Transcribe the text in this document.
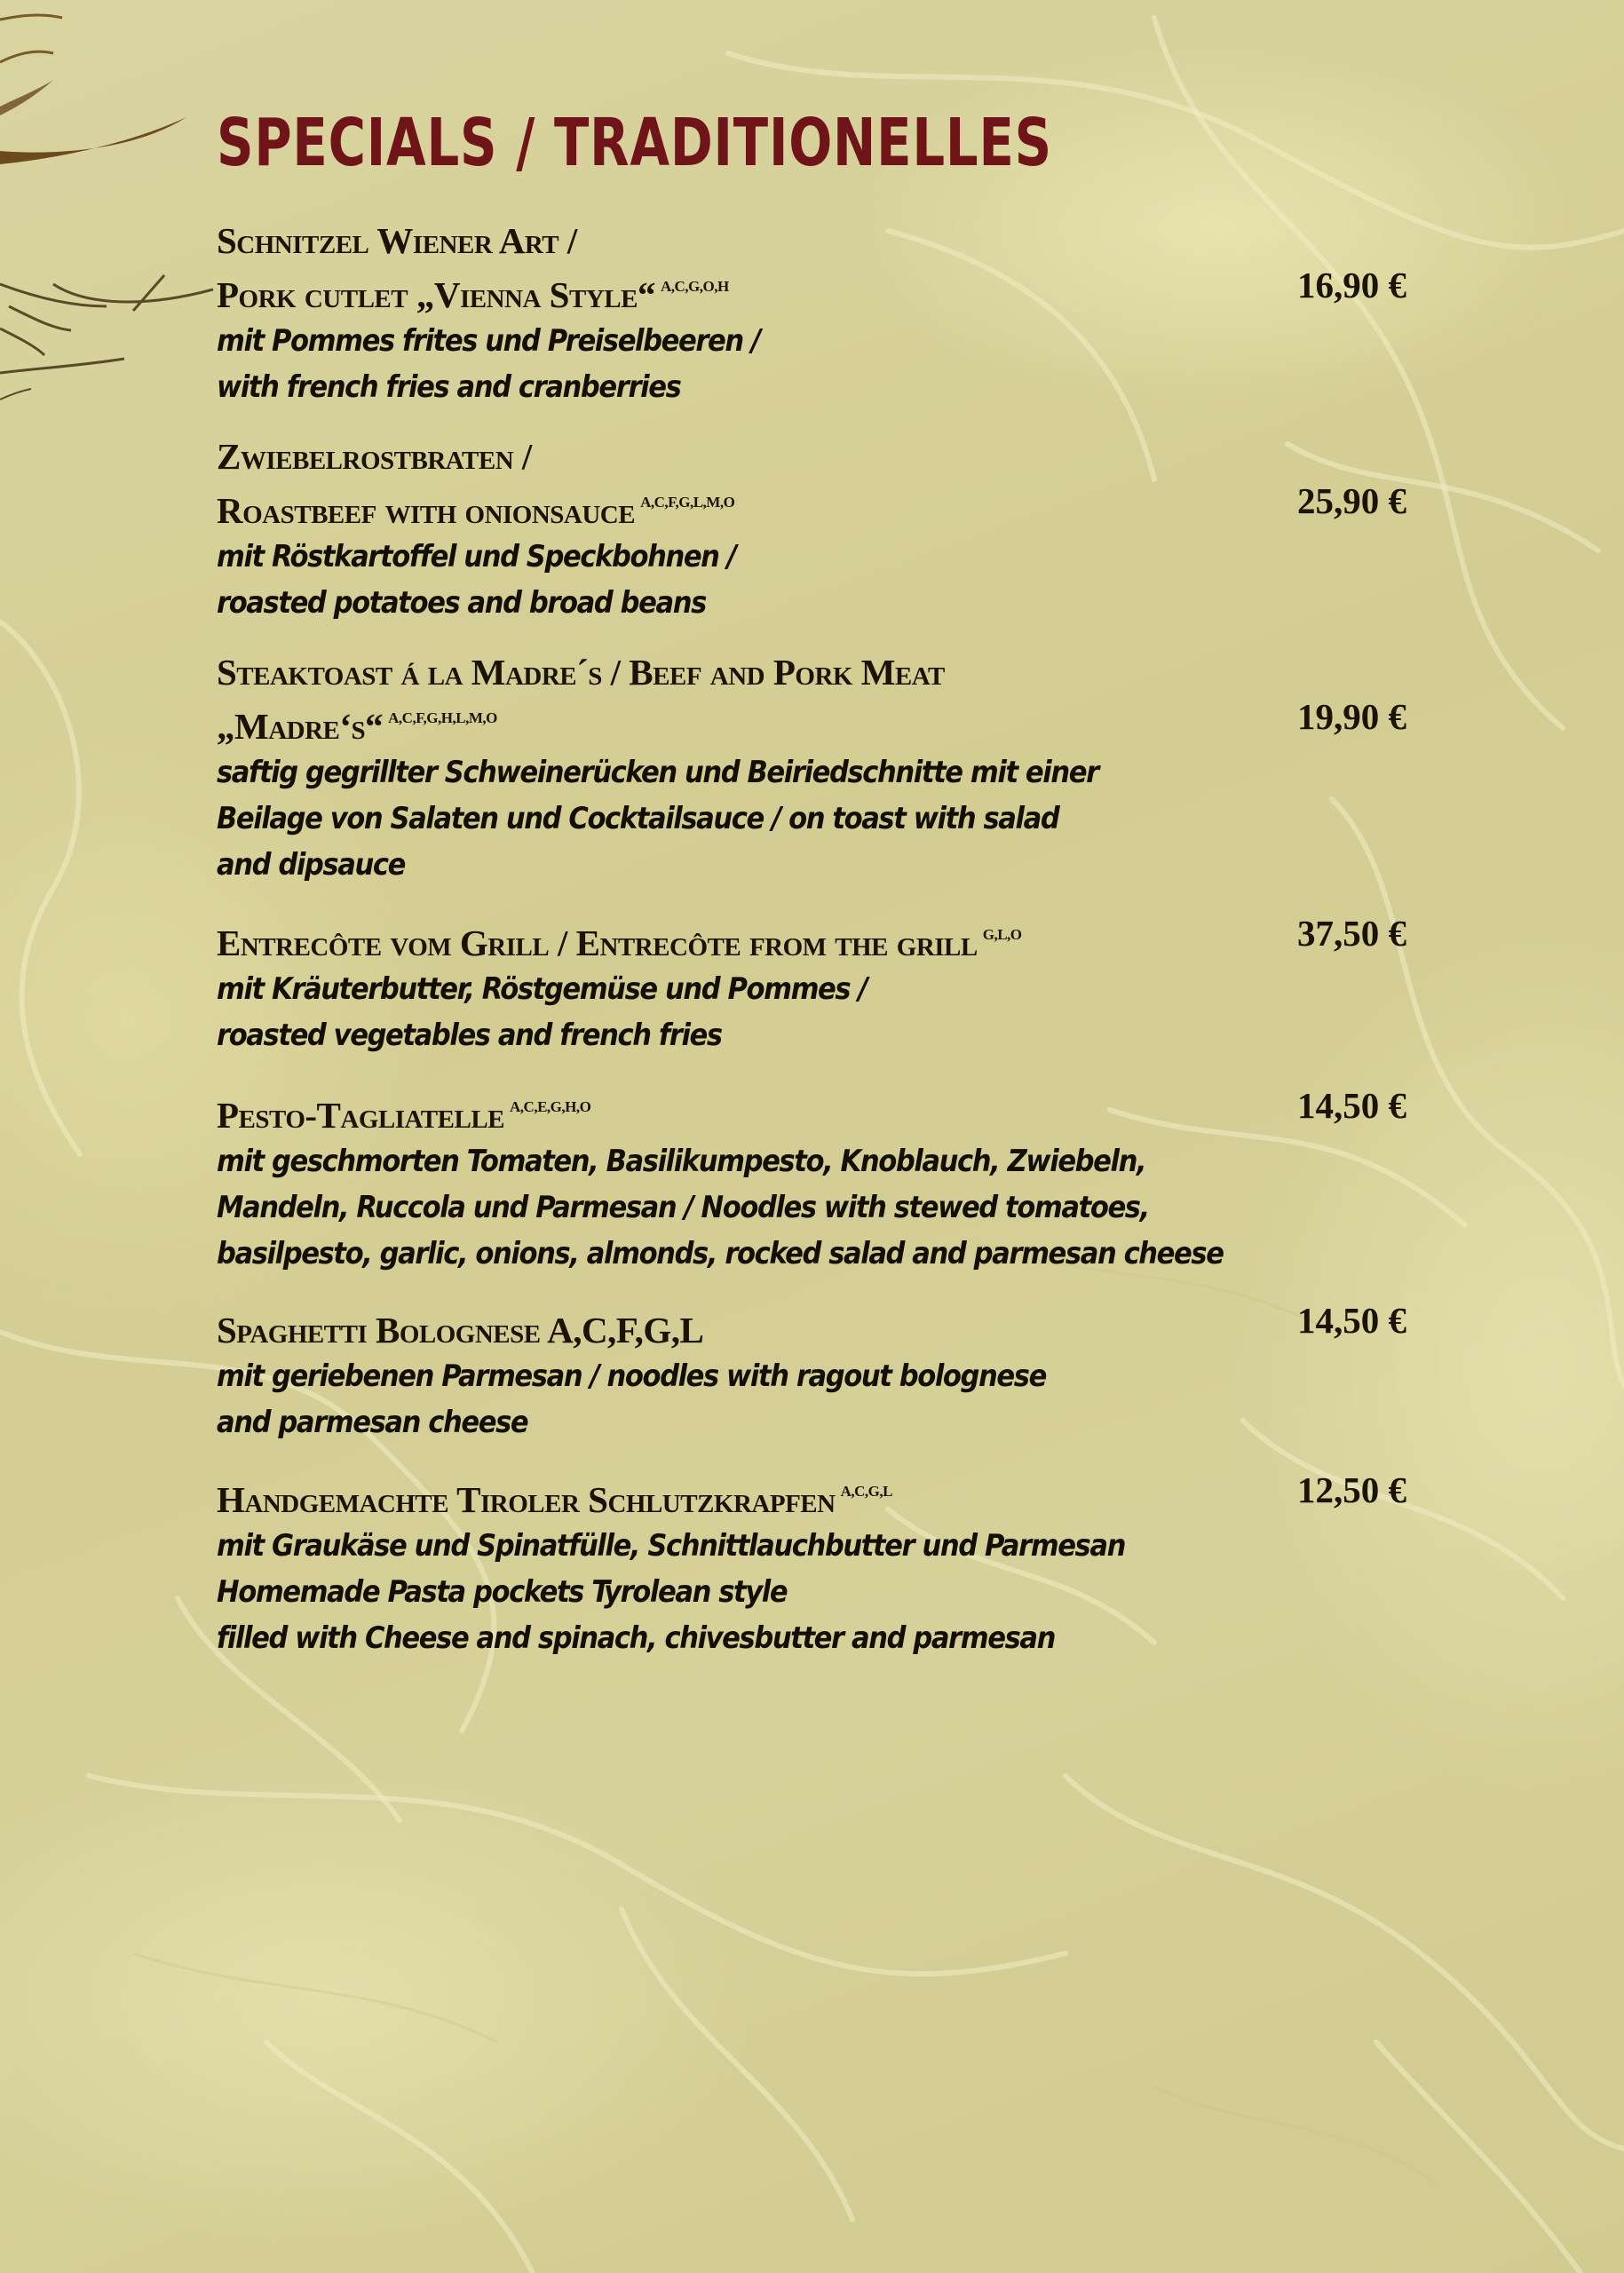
SPECIALS / TRADITIONELLES
Schnitzel Wiener Art /
Pork cutlet „Vienna Style“ $^{A,C,G,O,H}$
mit Pommes frites und Preiselbeeren /
with french fries and cranberries
16,90 €
Zwiebelrostbraten /
Roastbeef with onionsauce $^{A,C,F,G,L,M,O}$
mit Röstkartoffel und Speckbohnen /
roasted potatoes and broad beans
25,90 €
Steaktoast á la Madre´s / Beef and Pork Meat
„Madre‘s“ $^{A,C,F,G,H,L,M,O}$
saftig gegrillter Schweinerücken und Beiriedschnitte mit einer
Beilage von Salaten und Cocktailsauce / on toast with salad
and dipsauce
19,90 €
Entrecôte vom Grill / Entrecôte from the grill $^{G,L,O}$
mit Kräuterbutter, Röstgemüse und Pommes /
roasted vegetables and french fries
37,50 €
Pesto-Tagliatelle $^{A,C,E,G,H,O}$
mit geschmorten Tomaten, Basilikumpesto, Knoblauch, Zwiebeln,
Mandeln, Ruccola und Parmesan / Noodles with stewed tomatoes,
basilpesto, garlic, onions, almonds, rocked salad and parmesan cheese
14,50 €
Spaghetti Bolognese A,C,F,G,L
mit geriebenen Parmesan / noodles with ragout bolognese
and parmesan cheese
14,50 €
Handgemachte Tiroler Schlutzkrapfen $^{A,C,G,L}$
mit Graukäse und Spinatfülle, Schnittlauchbutter und Parmesan
Homemade Pasta pockets Tyrolean style
filled with Cheese and spinach, chivesbutter and parmesan
12,50 €
